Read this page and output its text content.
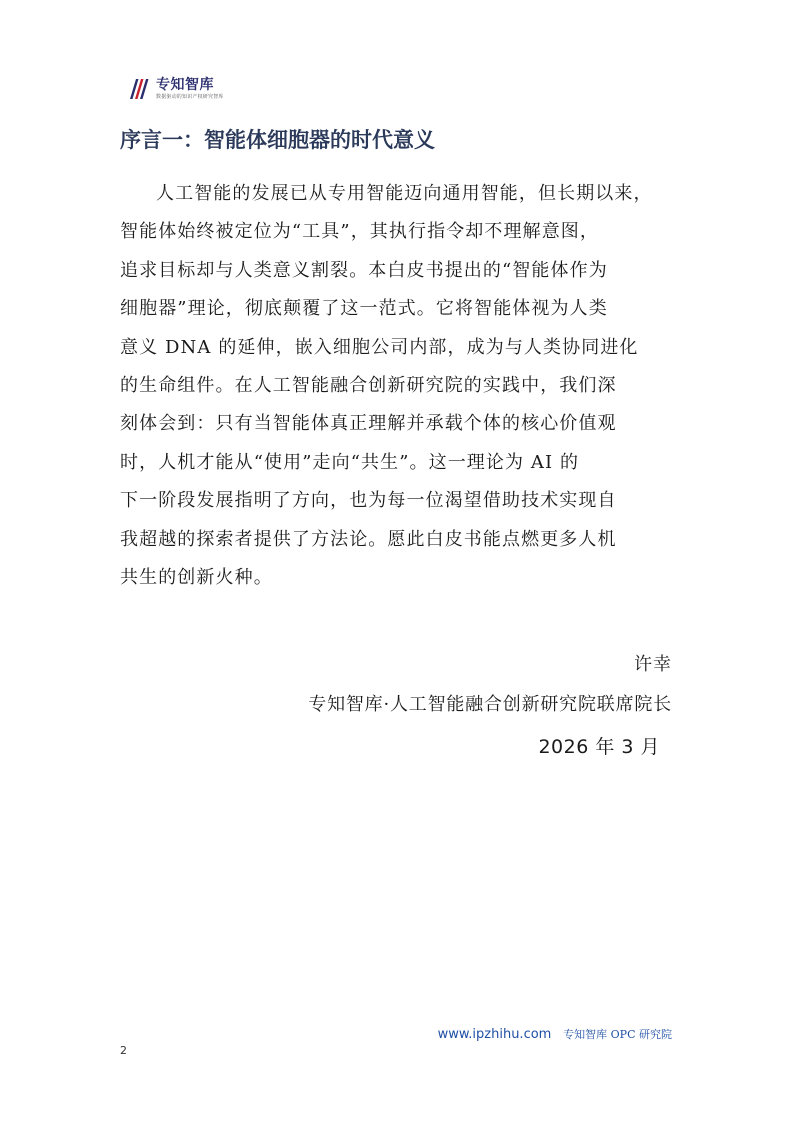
专知智库
数据驱动的知识产权研究智库
序言一：智能体细胞器的时代意义
人工智能的发展已从专用智能迈向通用智能，但长期以来，
智能体始终被定位为“工具”，其执行指令却不理解意图，
追求目标却与人类意义割裂。本白皮书提出的“智能体作为
细胞器”理论，彻底颠覆了这一范式。它将智能体视为人类
意义 DNA 的延伸，嵌入细胞公司内部，成为与人类协同进化
的生命组件。在人工智能融合创新研究院的实践中，我们深
刻体会到：只有当智能体真正理解并承载个体的核心价值观
时，人机才能从“使用”走向“共生”。这一理论为 AI 的
下一阶段发展指明了方向，也为每一位渴望借助技术实现自
我超越的探索者提供了方法论。愿此白皮书能点燃更多人机
共生的创新火种。
许幸
专知智库·人工智能融合创新研究院联席院长
2026 年 3 月
www.ipzhihu.com 专知智库 OPC 研究院
2
